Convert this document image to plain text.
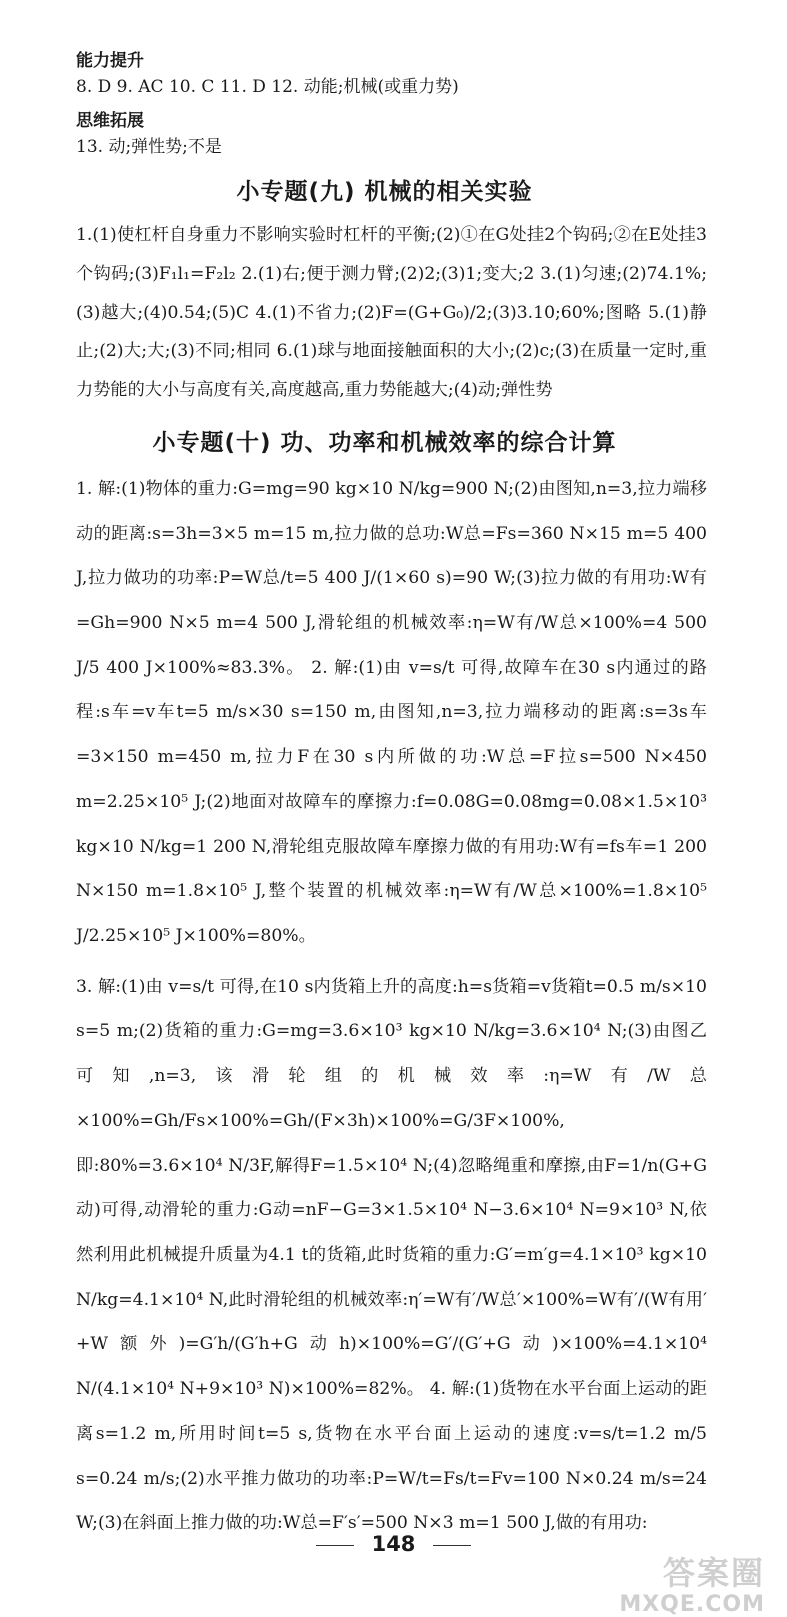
能力提升
8. D 9. AC 10. C 11. D 12. 动能;机械(或重力势)
思维拓展
13. 动;弹性势;不是
小专题(九) 机械的相关实验
1.(1)使杠杆自身重力不影响实验时杠杆的平衡;(2)①在G处挂2个钩码;②在E处挂3个钩码;(3)F₁l₁=F₂l₂ 2.(1)右;便于测力臂;(2)2;(3)1;变大;2 3.(1)匀速;(2)74.1%;(3)越大;(4)0.54;(5)C 4.(1)不省力;(2)F=(G+G₀)/2;(3)3.10;60%;图略 5.(1)静止;(2)大;大;(3)不同;相同 6.(1)球与地面接触面积的大小;(2)c;(3)在质量一定时,重力势能的大小与高度有关,高度越高,重力势能越大;(4)动;弹性势
小专题(十) 功、功率和机械效率的综合计算
1. 解:(1)物体的重力:G=mg=90 kg×10 N/kg=900 N;(2)由图知,n=3,拉力端移动的距离:s=3h=3×5 m=15 m,拉力做的总功:W总=Fs=360 N×15 m=5 400 J,拉力做功的功率:P=W总/t=5 400 J/(1×60 s)=90 W;(3)拉力做的有用功:W有=Gh=900 N×5 m=4 500 J,滑轮组的机械效率:η=W有/W总×100%=4 500 J/5 400 J×100%≈83.3%。 2. 解:(1)由 v=s/t 可得,故障车在30 s内通过的路程:s车=v车t=5 m/s×30 s=150 m,由图知,n=3,拉力端移动的距离:s=3s车=3×150 m=450 m,拉力F在30 s内所做的功:W总=F拉s=500 N×450 m=2.25×10⁵ J;(2)地面对故障车的摩擦力:f=0.08G=0.08mg=0.08×1.5×10³ kg×10 N/kg=1 200 N,滑轮组克服故障车摩擦力做的有用功:W有=fs车=1 200 N×150 m=1.8×10⁵ J,整个装置的机械效率:η=W有/W总×100%=1.8×10⁵ J/2.25×10⁵ J×100%=80%。
3. 解:(1)由 v=s/t 可得,在10 s内货箱上升的高度:h=s货箱=v货箱t=0.5 m/s×10 s=5 m;(2)货箱的重力:G=mg=3.6×10³ kg×10 N/kg=3.6×10⁴ N;(3)由图乙可知,n=3,该滑轮组的机械效率:η=W有/W总×100%=Gh/Fs×100%=Gh/(F×3h)×100%=G/3F×100%,即:80%=3.6×10⁴ N/3F,解得F=1.5×10⁴ N;(4)忽略绳重和摩擦,由F=1/n(G+G动)可得,动滑轮的重力:G动=nF−G=3×1.5×10⁴ N−3.6×10⁴ N=9×10³ N,依然利用此机械提升质量为4.1 t的货箱,此时货箱的重力:G′=m′g=4.1×10³ kg×10 N/kg=4.1×10⁴ N,此时滑轮组的机械效率:η′=W有′/W总′×100%=W有′/(W有用′+W额外)=G′h/(G′h+G动h)×100%=G′/(G′+G动)×100%=4.1×10⁴ N/(4.1×10⁴ N+9×10³ N)×100%=82%。 4. 解:(1)货物在水平台面上运动的距离s=1.2 m,所用时间t=5 s,货物在水平台面上运动的速度:v=s/t=1.2 m/5 s=0.24 m/s;(2)水平推力做功的功率:P=W/t=Fs/t=Fv=100 N×0.24 m/s=24 W;(3)在斜面上推力做的功:W总=F′s′=500 N×3 m=1 500 J,做的有用功:
148
答案圈
MXQE.COM
